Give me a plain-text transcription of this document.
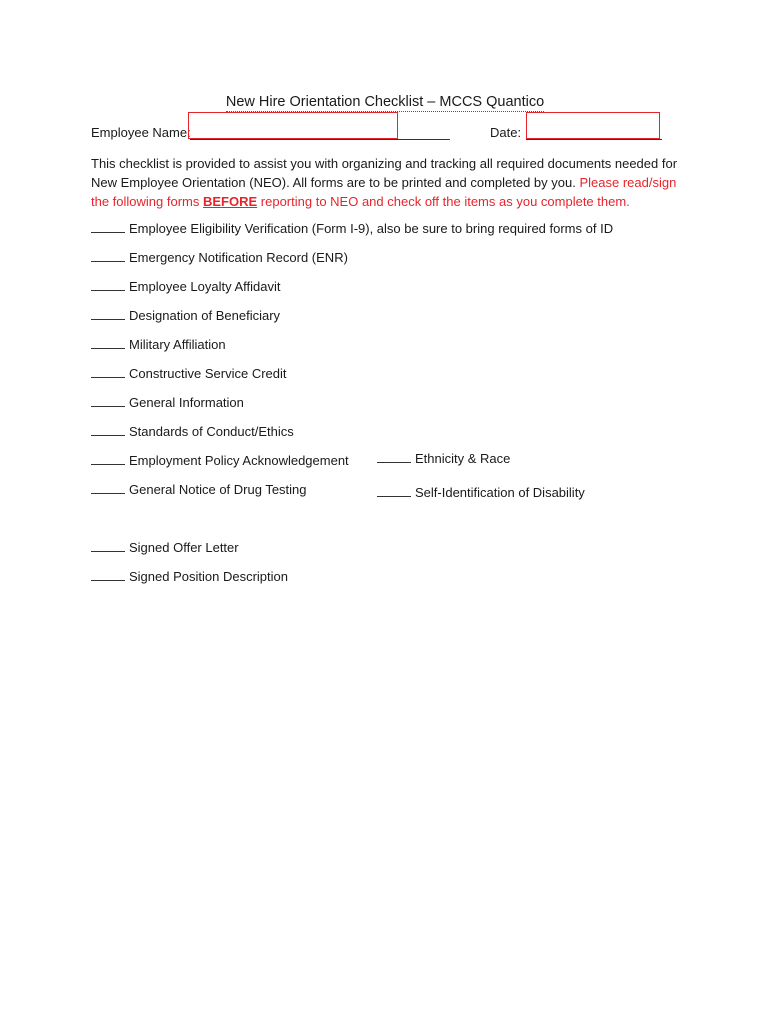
New Hire Orientation Checklist – MCCS Quantico
Employee Name:	Date:
This checklist is provided to assist you with organizing and tracking all required documents needed for New Employee Orientation (NEO). All forms are to be printed and completed by you. Please read/sign the following forms BEFORE reporting to NEO and check off the items as you complete them.
Employee Eligibility Verification (Form I-9), also be sure to bring required forms of ID
Emergency Notification Record (ENR)
Employee Loyalty Affidavit
Designation of Beneficiary
Military Affiliation
Constructive Service Credit
General Information
Standards of Conduct/Ethics
Employment Policy Acknowledgement
General Notice of Drug Testing
Signed Offer Letter
Signed Position Description
Ethnicity & Race
Self-Identification of Disability
